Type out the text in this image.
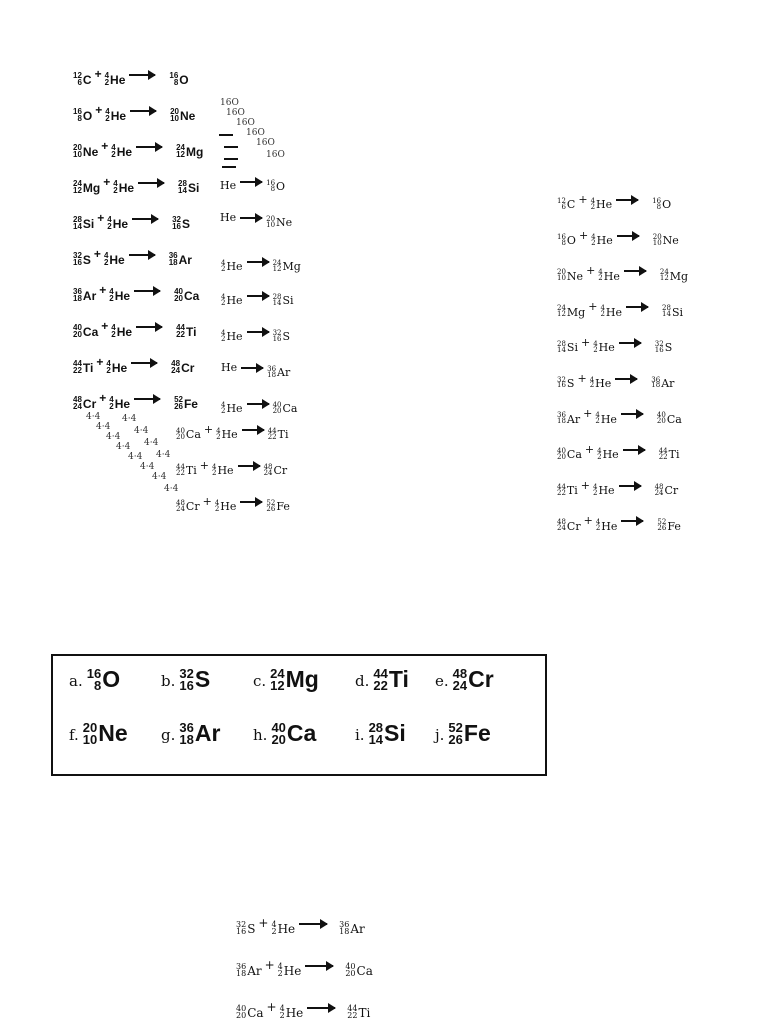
12
6 C + 4
2 He → 16
8 O
16
8 O + 4
2 He → 20
10 Ne
20
10 Ne + 4
2 He → 24
12 Mg
24
12 Mg + 4
2 He → 28
14 Si
28
14 Si + 4
2 He → 32
16 S
32
16 S + 4
2 He → 36
18 Ar
36
18 Ar + 4
2 He → 40
20 Ca
40
20 Ca + 4
2 He → 44
22 Ti
44
22 Ti + 4
2 He → 48
24 Cr
48
24 Cr + 4
2 He → 52
26 Fe
4
2 He → 24
12 Mg
4
2 He → 28
14 Si
4
2 He → 32
16 S
He → 36
18 Ar
4
2 He → 40
20 Ca
He → 16
8 O
He → 20
10 Ne
16O
16O
16O
16O
16O
16O
40
20 Ca + 4
2 He → 44
22 Ti
44
22 Ti + 4
2 He → 48
24 Cr
48
24 Cr + 4
2 He → 52
26 Fe
4·4
4·4
4·4
4·4
4·4
4·4
4·4
4·4
4·4
4·4
4·4
4·4
12
6 C + 4
2 He → 16
8 O
16
8 O + 4
2 He → 20
10 Ne
20
10 Ne + 4
2 He → 24
12 Mg
24
12 Mg + 4
2 He → 28
14 Si
28
14 Si + 4
2 He → 32
16 S
32
16 S + 4
2 He → 36
18 Ar
36
18 Ar + 4
2 He → 40
20 Ca
40
20 Ca + 4
2 He → 44
22 Ti
44
22 Ti + 4
2 He → 48
24 Cr
48
24 Cr + 4
2 He → 52
26 Fe
a. 16
8 O	b. 32
16 S	c. 24
12 Mg d. 44
22 Ti e. 48
24 Cr
f. 20
10 Ne g. 36
18 Ar h. 40
20 Ca	i. 28
14 Si j. 52
26 Fe
32
16 S + 4
2 He → 36
18 Ar
36
18 Ar + 4
2 He → 40
20 Ca
40
20 Ca + 4
2 He → 44
22 Ti
